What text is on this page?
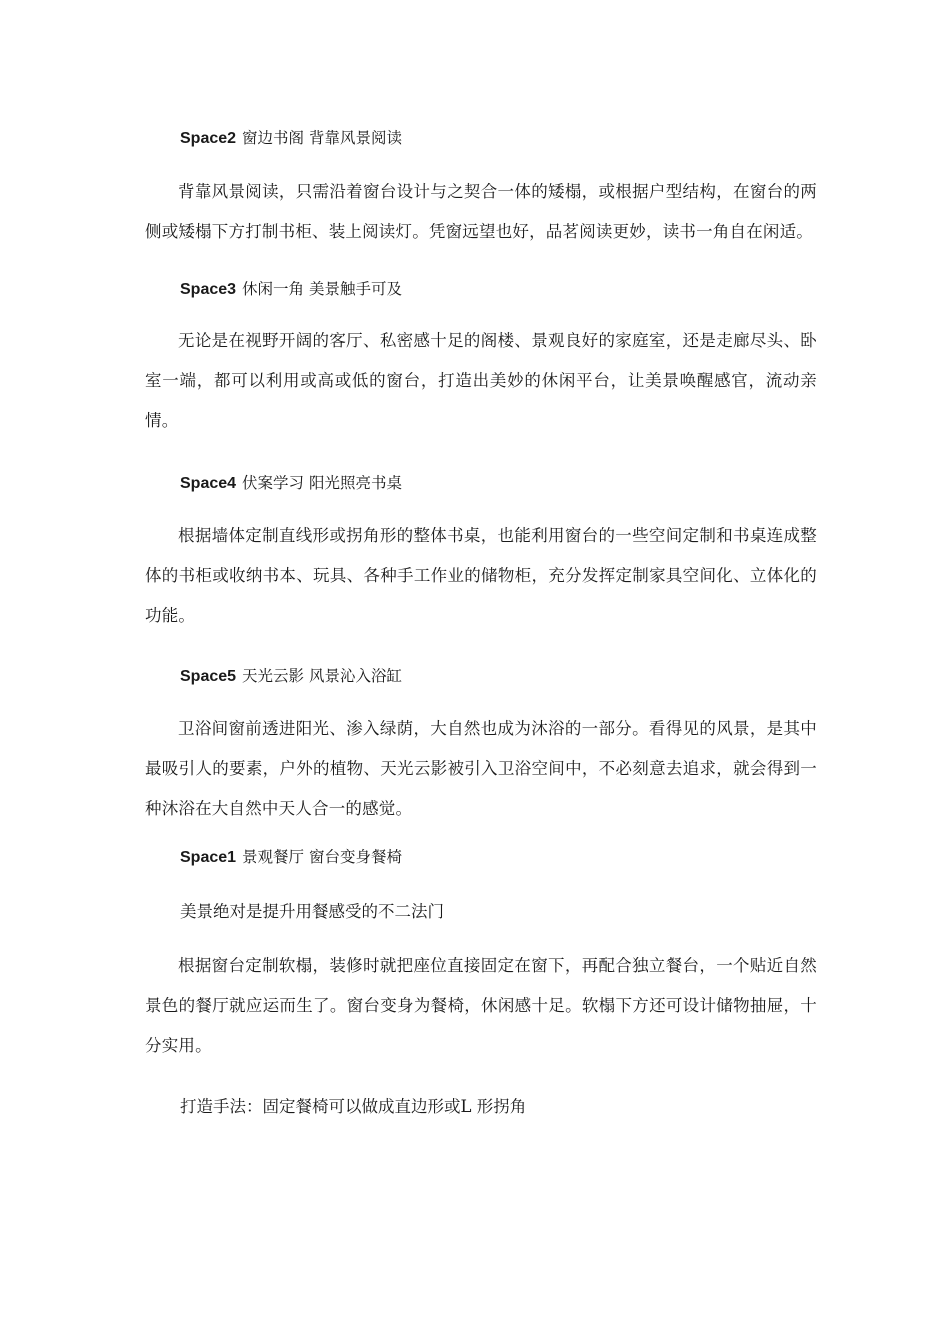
Space2 窗边书阁 背靠风景阅读
背靠风景阅读，只需沿着窗台设计与之契合一体的矮榻，或根据户型结构，在窗台的两侧或矮榻下方打制书柜、装上阅读灯。凭窗远望也好，品茗阅读更妙，读书一角自在闲适。
Space3 休闲一角 美景触手可及
无论是在视野开阔的客厅、私密感十足的阁楼、景观良好的家庭室，还是走廊尽头、卧室一端，都可以利用或高或低的窗台，打造出美妙的休闲平台，让美景唤醒感官，流动亲情。
Space4 伏案学习 阳光照亮书桌
根据墙体定制直线形或拐角形的整体书桌，也能利用窗台的一些空间定制和书桌连成整体的书柜或收纳书本、玩具、各种手工作业的储物柜，充分发挥定制家具空间化、立体化的功能。
Space5 天光云影 风景沁入浴缸
卫浴间窗前透进阳光、渗入绿荫，大自然也成为沐浴的一部分。看得见的风景，是其中最吸引人的要素，户外的植物、天光云影被引入卫浴空间中，不必刻意去追求，就会得到一种沐浴在大自然中天人合一的感觉。
Space1 景观餐厅 窗台变身餐椅
美景绝对是提升用餐感受的不二法门
根据窗台定制软榻，装修时就把座位直接固定在窗下，再配合独立餐台，一个贴近自然景色的餐厅就应运而生了。窗台变身为餐椅，休闲感十足。软榻下方还可设计储物抽屉，十分实用。
打造手法：固定餐椅可以做成直边形或L 形拐角
